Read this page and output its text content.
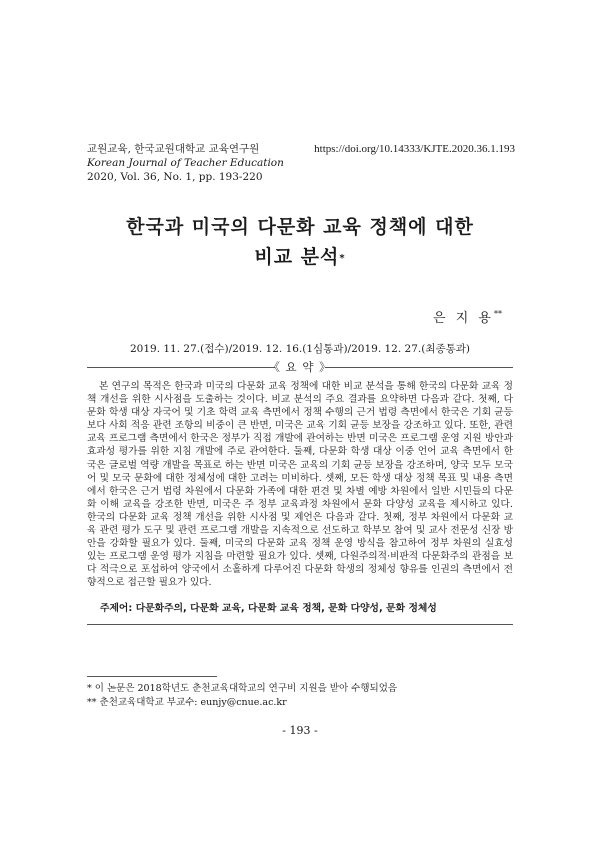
교원교육, 한국교원대학교 교육연구원
Korean Journal of Teacher Education
2020, Vol. 36, No. 1, pp. 193-220
https://doi.org/10.14333/KJTE.2020.36.1.193
한국과 미국의 다문화 교육 정책에 대한
비교 분석*
은 지 용**
2019. 11. 27.(접수)/2019. 12. 16.(1심통과)/2019. 12. 27.(최종통과)
《 요 약 》
본 연구의 목적은 한국과 미국의 다문화 교육 정책에 대한 비교 분석을 통해 한국의 다문화 교육 정책 개선을 위한 시사점을 도출하는 것이다. 비교 분석의 주요 결과를 요약하면 다음과 같다. 첫째, 다문화 학생 대상 자국어 및 기초 학력 교육 측면에서 정책 수행의 근거 법령 측면에서 한국은 기회 균등보다 사회 적응 관련 조항의 비중이 큰 반면, 미국은 교육 기회 균등 보장을 강조하고 있다. 또한, 관련 교육 프로그램 측면에서 한국은 정부가 직접 개발에 관여하는 반면 미국은 프로그램 운영 지원 방안과 효과성 평가를 위한 지침 개발에 주로 관여한다. 둘째, 다문화 학생 대상 이중 언어 교육 측면에서 한국은 글로벌 역량 개발을 목표로 하는 반면 미국은 교육의 기회 균등 보장을 강조하며, 양국 모두 모국어 및 모국 문화에 대한 정체성에 대한 고려는 미비하다. 셋째, 모든 학생 대상 정책 목표 및 내용 측면에서 한국은 근거 법령 차원에서 다문화 가족에 대한 편견 및 차별 예방 차원에서 일반 시민들의 다문화 이해 교육을 강조한 반면, 미국은 주 정부 교육과정 차원에서 문화 다양성 교육을 제시하고 있다. 한국의 다문화 교육 정책 개선을 위한 시사점 및 제언은 다음과 같다. 첫째, 정부 차원에서 다문화 교육 관련 평가 도구 및 관련 프로그램 개발을 지속적으로 선도하고 학부모 참여 및 교사 전문성 신장 방안을 강화할 필요가 있다. 둘째, 미국의 다문화 교육 정책 운영 방식을 참고하여 정부 차원의 실효성 있는 프로그램 운영 평가 지침을 마련할 필요가 있다. 셋째, 다원주의적·비판적 다문화주의 관점을 보다 적극으로 포섭하여 양국에서 소홀하게 다루어진 다문화 학생의 정체성 향유를 인권의 측면에서 전향적으로 접근할 필요가 있다.
주제어: 다문화주의, 다문화 교육, 다문화 교육 정책, 문화 다양성, 문화 정체성
* 이 논문은 2018학년도 춘천교육대학교의 연구비 지원을 받아 수행되었음
** 춘천교육대학교 부교수: eunjy@cnue.ac.kr
- 193 -
